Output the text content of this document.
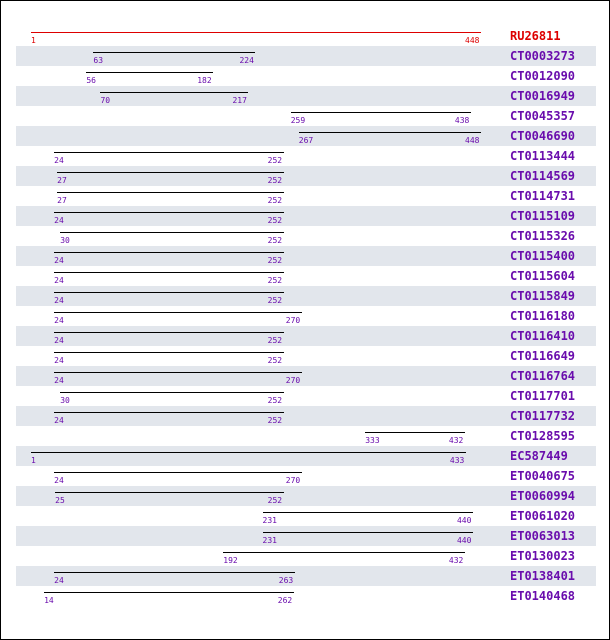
1	448	RU26811
63	224	CT0003273
56	182	CT0012090
70	217	CT0016949
259	438	CT0045357
267	448	CT0046690
24	252	CT0113444
27	252	CT0114569
27	252	CT0114731
24	252	CT0115109
30	252	CT0115326
24	252	CT0115400
24	252	CT0115604
24	252	CT0115849
24	270	CT0116180
24	252	CT0116410
24	252	CT0116649
24	270	CT0116764
30	252	CT0117701
24	252	CT0117732
333	432	CT0128595
1	433	EC587449
24	270	ET0040675
25	252	ET0060994
231	440	ET0061020
231	440	ET0063013
192	432	ET0130023
24	263	ET0138401
14	262	ET0140468
